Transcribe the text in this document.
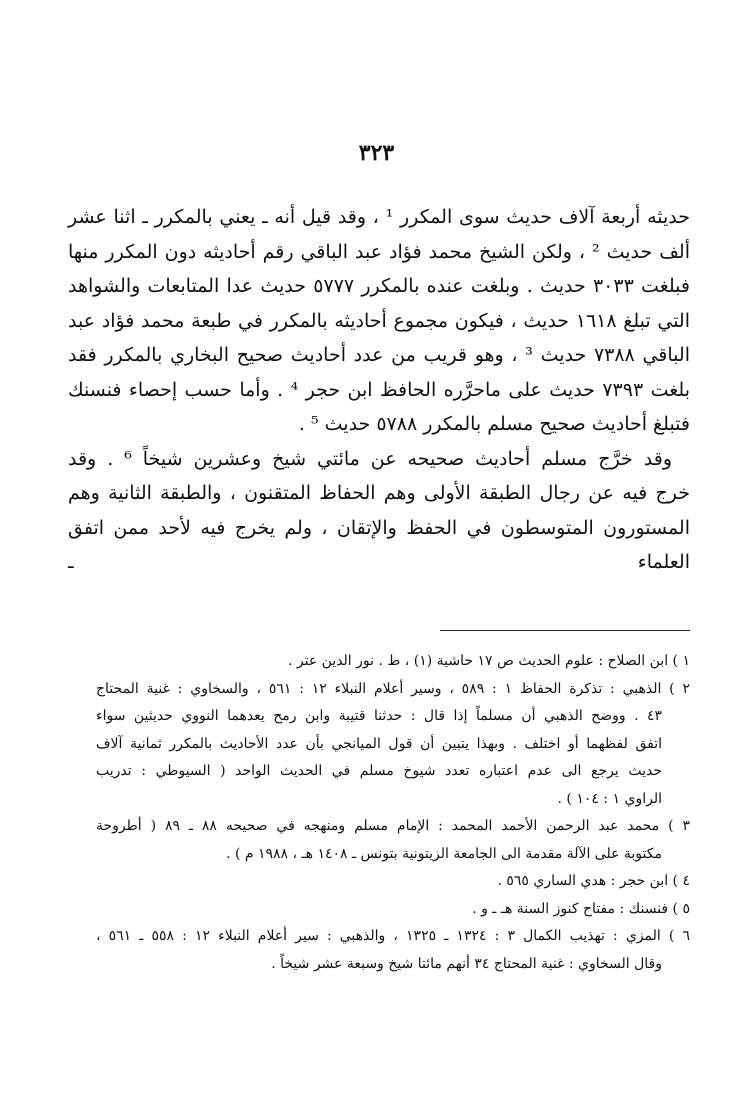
٣٢٣

حديثه أربعة آلاف حديث سوى المكرر ¹ ، وقد قيل أنه ـ يعني بالمكرر ـ اثنا عشر

ألف حديث ² ، ولكن الشيخ محمد فؤاد عبد الباقي رقم أحاديثه دون المكرر منها

فبلغت ٣٠٣٣ حديث . وبلغت عنده بالمكرر ٥٧٧٧ حديث عدا المتابعات والشواهد

التي تبلغ ١٦١٨ حديث ، فيكون مجموع أحاديثه بالمكرر في طبعة محمد فؤاد عبد

الباقي ٧٣٨٨ حديث ³ ، وهو قريب من عدد أحاديث صحيح البخاري بالمكرر فقد

بلغت ٧٣٩٣ حديث على ماحرَّره الحافظ ابن حجر ⁴ . وأما حسب إحصاء فنسنك

فتبلغ أحاديث صحيح مسلم بالمكرر ٥٧٨٨ حديث ⁵ .

وقد خرَّج مسلم أحاديث صحيحه عن مائتي شيخ وعشرين شيخاً ⁶ . وقد

خرج فيه عن رجال الطبقة الأولى وهم الحفاظ المتقنون ، والطبقة الثانية وهم

المستورون المتوسطون في الحفظ والإتقان ، ولم يخرج فيه لأحد ممن اتفق العلماء ـ

١ ) ابن الصلاح : علوم الحديث ص ١٧ حاشية (١) ، ط . نور الدين عتر .
٢ ) الذهبي : تذكرة الحفاظ ١ : ٥٨٩ ، وسير أعلام النبلاء ١٢ : ٥٦١ ، والسخاوي : غنية المحتاج
٤٣ . ووضح الذهبي أن مسلماً إذا قال : حدثنا قتيبة وابن رمح يعدهما النووي حديثين سواء
اتفق لفظهما أو اختلف . وبهذا يتبين أن قول الميانجي بأن عدد الأحاديث بالمكرر ثمانية آلاف
حديث يرجع الى عدم اعتباره تعدد شيوخ مسلم في الحديث الواحد ( السيوطي : تدريب
الراوي ١ : ١٠٤ ) .
٣ ) محمد عبد الرحمن الأحمد المحمد : الإمام مسلم ومنهجه في صحيحه ٨٨ ـ ٨٩ ( أطروحة
مكتوبة على الآلة مقدمة الى الجامعة الزيتونية بتونس ـ ١٤٠٨ هـ ، ١٩٨٨ م ) .
٤ ) ابن حجر : هدي الساري ٥٦٥ .
٥ ) فنسنك : مفتاح كنوز السنة هـ ـ و .
٦ ) المزي : تهذيب الكمال ٣ : ١٣٢٤ ـ ١٣٢٥ ، والذهبي : سير أعلام النبلاء ١٢ : ٥٥٨ ـ ٥٦١ ،
وقال السخاوي : غنية المحتاج ٣٤ أنهم مائتا شيخ وسبعة عشر شيخاً .
